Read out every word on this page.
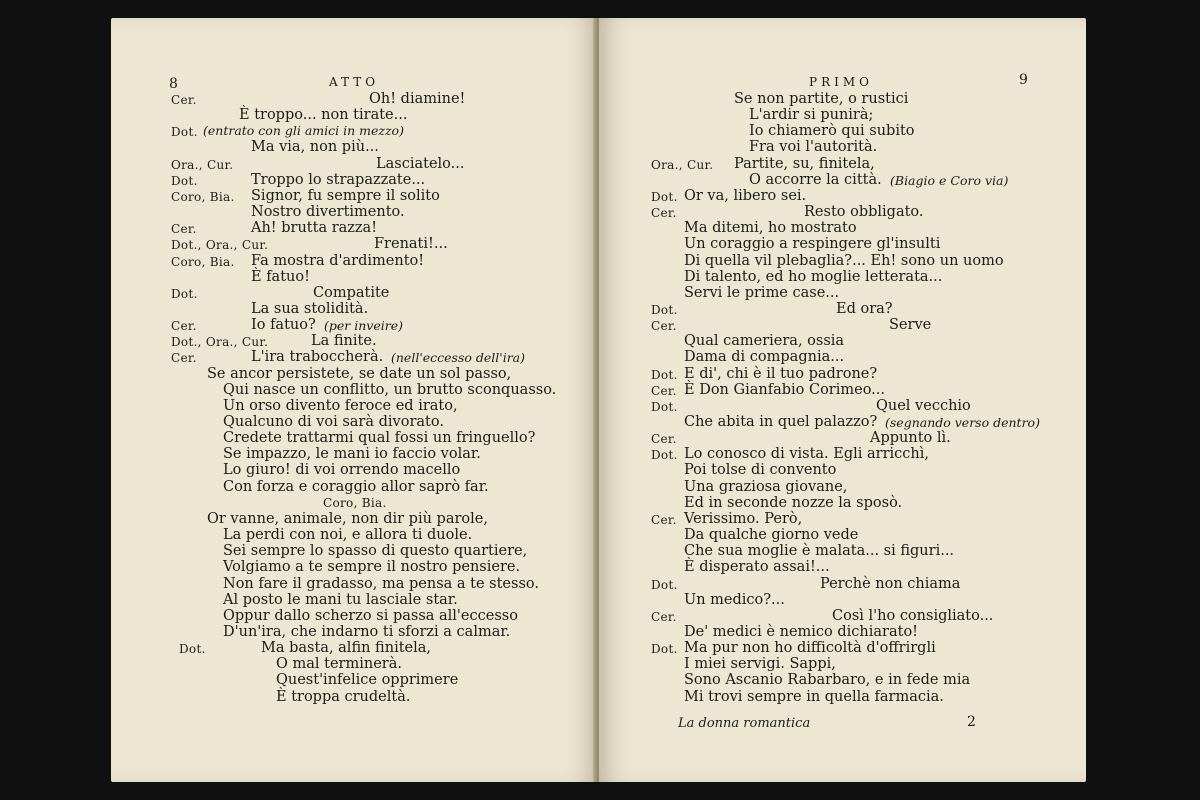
8	ATTO
Cer.	Oh! diamine!
È troppo... non tirate...
Dot. (entrato con gli amici in mezzo)
Ma via, non più...
Ora., Cur.	Lasciatelo...
Dot.	Troppo lo strapazzate...
Coro, Bia. Signor, fu sempre il solito
Nostro divertimento.
Cer.	Ah! brutta razza!
Dot., Ora., Cur.	Frenati!...
Coro, Bia. Fa mostra d'ardimento!
È fatuo!
Dot.	Compatite
La sua stolidità.
Cer.	Io fatuo? (per inveire)
Dot., Ora., Cur.	La finite.
Cer.	L'ira traboccherà. (nell'eccesso dell'ira)
Se ancor persistete, se date un sol passo,
Qui nasce un conflitto, un brutto sconquasso.
Un orso divento feroce ed irato,
Qualcuno di voi sarà divorato.
Credete trattarmi qual fossi un fringuello?
Se impazzo, le mani io faccio volar.
Lo giuro! di voi orrendo macello
Con forza e coraggio allor saprò far.
Coro, Bia.
Or vanne, animale, non dir più parole,
La perdi con noi, e allora ti duole.
Sei sempre lo spasso di questo quartiere,
Volgiamo a te sempre il nostro pensiere.
Non fare il gradasso, ma pensa a te stesso.
Al posto le mani tu lasciale star.
Oppur dallo scherzo si passa all'eccesso
D'un'ira, che indarno ti sforzi a calmar.
Dot.	Ma basta, alfin finitela,
O mal terminerà.
Quest'infelice opprimere
È troppa crudeltà.
PRIMO	9
Se non partite, o rustici
L'ardir si punirà;
Io chiamerò qui subito
Fra voi l'autorità.
Ora., Cur. Partite, su, finitela,
O accorre la città. (Biagio e Coro via)
Dot. Or va, libero sei.
Cer.	Resto obbligato.
Ma ditemi, ho mostrato
Un coraggio a respingere gl'insulti
Di quella vil plebaglia?... Eh! sono un uomo
Di talento, ed ho moglie letterata...
Servi le prime case...
Dot.	Ed ora?
Cer.	Serve
Qual cameriera, ossia
Dama di compagnia...
Dot. E di', chi è il tuo padrone?
Cer. È Don Gianfabio Corimeo...
Dot.	Quel vecchio
Che abita in quel palazzo? (segnando verso dentro)
Cer.	Appunto lì.
Dot. Lo conosco di vista. Egli arricchì,
Poi tolse di convento
Una graziosa giovane,
Ed in seconde nozze la sposò.
Cer. Verissimo. Però,
Da qualche giorno vede
Che sua moglie è malata... si figuri...
È disperato assai!...
Dot.	Perchè non chiama
Un medico?...
Cer.	Così l'ho consigliato...
De' medici è nemico dichiarato!
Dot. Ma pur non ho difficoltà d'offrirgli
I miei servigi. Sappi,
Sono Ascanio Rabarbaro, e in fede mia
Mi trovi sempre in quella farmacia.
La donna romantica	2
